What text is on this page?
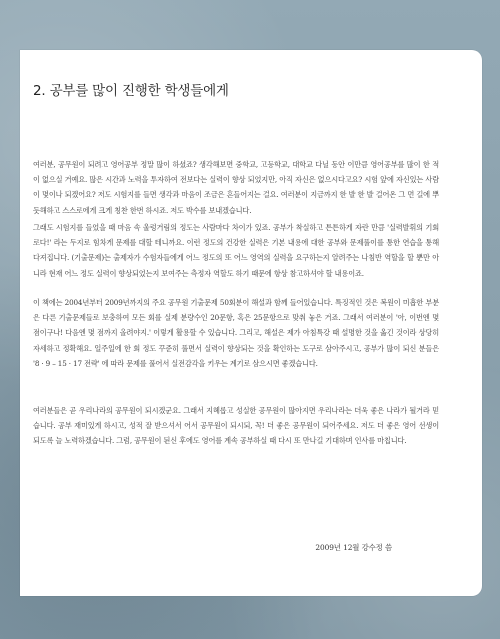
2. 공부를 많이 진행한 학생들에게

여러분, 공무원이 되려고 영어공부 정말 많이 하셨죠? 생각해보면 중학교, 고등학교, 대학교 다닐 동안 이만큼 영어공부를 많이 한 적이 없으실 거예요. 많은 시간과 노력을 투자하여 전보다는 실력이 향상 되었지만, 아직 자신은 없으시다고요? 시험 앞에 자신있는 사람이 몇이나 되겠어요? 저도 시험지를 들면 생각과 마음이 조금은 흔들어지는 걸요. 여러분이 지금까지 한 발 한 발 걸어온 그 먼 길에 뿌듯해하고 스스로에게 크게 칭찬 한번 하시죠. 저도 박수를 보내겠습니다.

그래도 시험지를 들었을 때 마음 속 울렁거림의 정도는 사람마다 차이가 있죠. 공부가 착실하고 튼튼하게 자란 만큼 '실력발휘의 기회로다!' 라는 두지로 힘차게 문제를 대할 테니까요. 이런 정도의 건강한 실력은 기본 내용에 대한 공부와 문제풀이를 통한 연습을 통해 다져집니다. (기출문제)는 출제자가 수험자들에게 어느 정도의 또 어느 영역의 실력을 요구하는지 알려주는 나침반 역할을 할 뿐만 아니라 현재 어느 정도 실력이 향상되었는지 보여주는 측정자 역할도 하기 때문에 항상 참고하셔야 할 내용이죠.

이 책에는 2004년부터 2009년까지의 주요 공무원 기출문제 50회분이 해설과 함께 들어있습니다. 특징적인 것은 복원이 미흡한 부분은 다른 기출문제들로 보충하여 모든 회를 실제 분량수인 20문항, 혹은 25문항으로 맞춰 놓은 거죠. 그래서 여러분이 '아, 이번엔 몇 점이구나! 다음엔 몇 점까지 올려야지.' 이렇게 활용할 수 있습니다. 그리고, 해설은 제가 아침특강 때 설명한 것을 옮긴 것이라 상당히 자세하고 정확해요. 일주일에 한 회 정도 꾸준히 풀면서 실력이 향상되는 것을 확인하는 도구로 삼아주시고, 공부가 많이 되신 분들은 '8 · 9 – 15 · 17 전략' 에 따라 문제를 풀어서 실전감각을 키우는 계기로 삼으시면 좋겠습니다.

여러분들은 곧 우리나라의 공무원이 되시겠군요. 그래서 지혜롭고 성실한 공무원이 많아지면 우리나라는 더욱 좋은 나라가 될거라 믿습니다. 공부 재미있게 하시고, 성적 잘 받으셔서 어서 공무원이 되시되, 꼭! 더 좋은 공무원이 되어주세요. 저도 더 좋은 영어 선생이 되도록 늘 노력하겠습니다. 그럼, 공무원이 된신 후에도 영어를 계속 공부하실 때 다시 또 만나길 기대하며 인사를 마칩니다.

2009년 12월 강수정 씀
